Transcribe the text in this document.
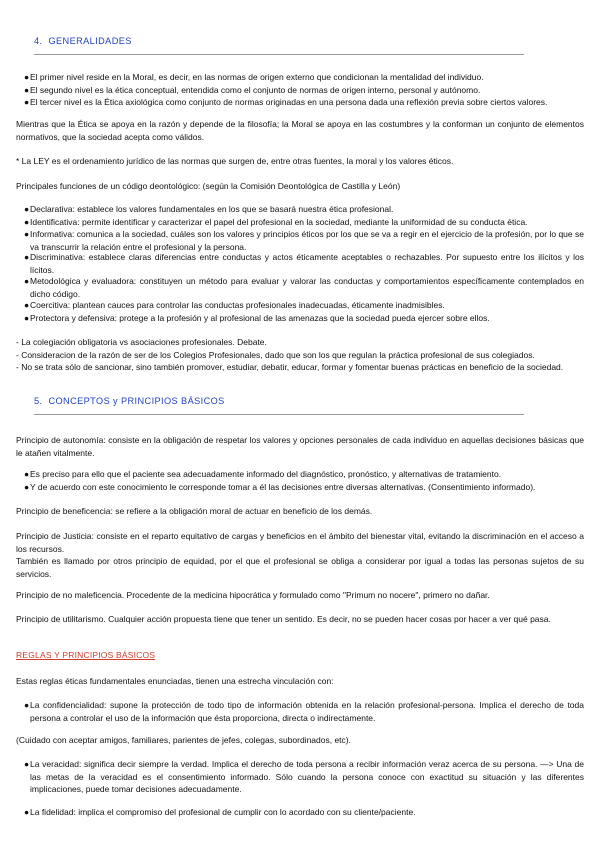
4. GENERALIDADES
● El primer nivel reside en la Moral, es decir, en las normas de origen externo que condicionan la mentalidad del individuo.
● El segundo nivel es la ética conceptual, entendida como el conjunto de normas de origen interno, personal y autónomo.
● El tercer nivel es la Ética axiológica como conjunto de normas originadas en una persona dada una reflexión previa sobre ciertos valores.
Mientras que la Ética se apoya en la razón y depende de la filosofía; la Moral se apoya en las costumbres y la conforman un conjunto de elementos normativos, que la sociedad acepta como válidos.
* La LEY es el ordenamiento jurídico de las normas que surgen de, entre otras fuentes, la moral y los valores éticos.
Principales funciones de un código deontológico: (según la Comisión Deontológica de Castilla y León)
● Declarativa: establece los valores fundamentales en los que se basará nuestra ética profesional.
● Identificativa: permite identificar y caracterizar el papel del profesional en la sociedad, mediante la uniformidad de su conducta ética.
● Informativa: comunica a la sociedad, cuáles son los valores y principios éticos por los que se va a regir en el ejercicio de la profesión, por lo que se va transcurrir la relación entre el profesional y la persona.
● Discriminativa: establece claras diferencias entre conductas y actos éticamente aceptables o rechazables. Por supuesto entre los ilícitos y los lícitos.
● Metodológica y evaluadora: constituyen un método para evaluar y valorar las conductas y comportamientos específicamente contemplados en dicho código.
● Coercitiva: plantean cauces para controlar las conductas profesionales inadecuadas, éticamente inadmisibles.
● Protectora y defensiva: protege a la profesión y al profesional de las amenazas que la sociedad pueda ejercer sobre ellos.
- La colegiación obligatoria vs asociaciones profesionales. Debate.
- Consideracion de la razón de ser de los Colegios Profesionales, dado que son los que regulan la práctica profesional de sus colegiados.
- No se trata sólo de sancionar, sino también promover, estudiar, debatir, educar, formar y fomentar buenas prácticas en beneficio de la sociedad.
5. CONCEPTOS y PRINCIPIOS BÁSICOS
Principio de autonomía: consiste en la obligación de respetar los valores y opciones personales de cada individuo en aquellas decisiones básicas que le atañen vitalmente.
● Es preciso para ello que el paciente sea adecuadamente informado del diagnóstico, pronóstico, y alternativas de tratamiento.
● Y de acuerdo con este conocimiento le corresponde tomar a él las decisiones entre diversas alternativas. (Consentimiento informado).
Principio de beneficencia: se refiere a la obligación moral de actuar en beneficio de los demás.
Principio de Justicia: consiste en el reparto equitativo de cargas y beneficios en el ámbito del bienestar vital, evitando la discriminación en el acceso a los recursos.
También es llamado por otros principio de equidad, por el que el profesional se obliga a considerar por igual a todas las personas sujetos de su servicios.
Principio de no maleficencia. Procedente de la medicina hipocrática y formulado como "Primum no nocere", primero no dañar.
Principio de utilitarismo. Cualquier acción propuesta tiene que tener un sentido. Es decir, no se pueden hacer cosas por hacer a ver qué pasa.
REGLAS Y PRINCIPIOS BÁSICOS
Estas reglas éticas fundamentales enunciadas, tienen una estrecha vinculación con:
● La confidencialidad: supone la protección de todo tipo de información obtenida en la relación profesional-persona. Implica el derecho de toda persona a controlar el uso de la información que ésta proporciona, directa o indirectamente.
(Cuidado con aceptar amigos, familiares, parientes de jefes, colegas, subordinados, etc).
● La veracidad: significa decir siempre la verdad. Implica el derecho de toda persona a recibir información veraz acerca de su persona. —> Una de las metas de la veracidad es el consentimiento informado. Sólo cuando la persona conoce con exactitud su situación y las diferentes implicaciones, puede tomar decisiones adecuadamente.
● La fidelidad: implica el compromiso del profesional de cumplir con lo acordado con su cliente/paciente.
